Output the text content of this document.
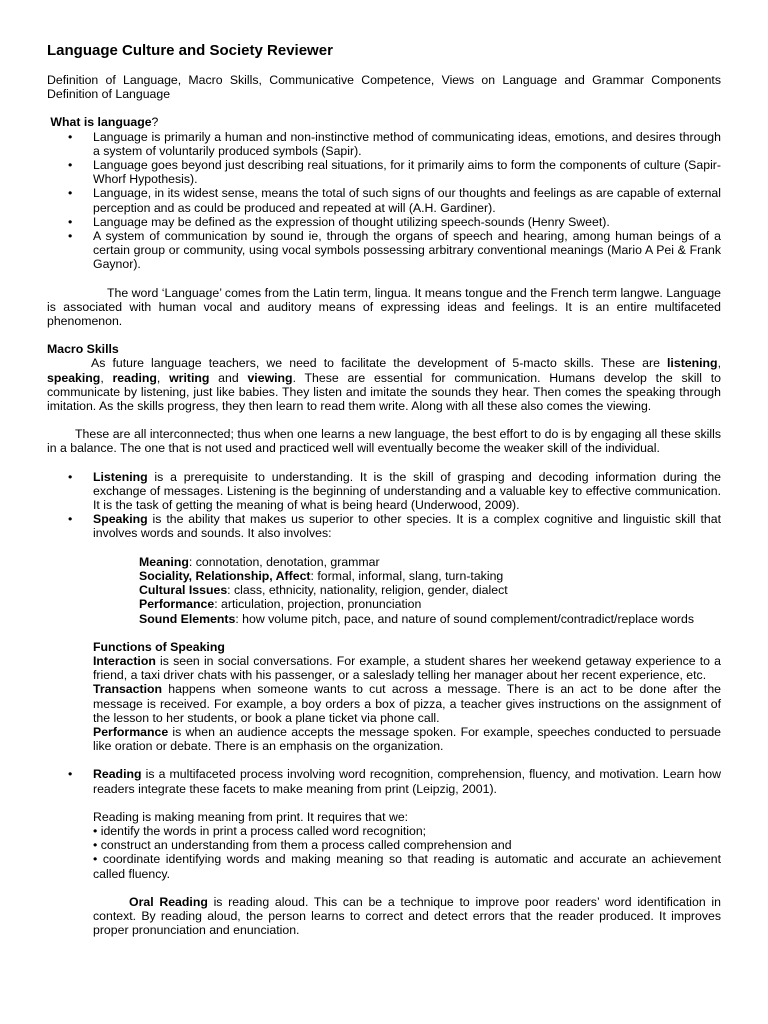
Language Culture and Society Reviewer

Definition of Language, Macro Skills, Communicative Competence, Views on Language and Grammar Components Definition of Language

What is language?

• Language is primarily a human and non-instinctive method of communicating ideas, emotions, and desires through a system of voluntarily produced symbols (Sapir).
• Language goes beyond just describing real situations, for it primarily aims to form the components of culture (Sapir-Whorf Hypothesis).
• Language, in its widest sense, means the total of such signs of our thoughts and feelings as are capable of external perception and as could be produced and repeated at will (A.H. Gardiner).
• Language may be defined as the expression of thought utilizing speech-sounds (Henry Sweet).
• A system of communication by sound ie, through the organs of speech and hearing, among human beings of a certain group or community, using vocal symbols possessing arbitrary conventional meanings (Mario A Pei & Frank Gaynor).

The word ‘Language’ comes from the Latin term, lingua. It means tongue and the French term langwe. Language is associated with human vocal and auditory means of expressing ideas and feelings. It is an entire multifaceted phenomenon.

Macro Skills

As future language teachers, we need to facilitate the development of 5-macto skills. These are listening, speaking, reading, writing and viewing. These are essential for communication. Humans develop the skill to communicate by listening, just like babies. They listen and imitate the sounds they hear. Then comes the speaking through imitation. As the skills progress, they then learn to read them write. Along with all these also comes the viewing.

These are all interconnected; thus when one learns a new language, the best effort to do is by engaging all these skills in a balance. The one that is not used and practiced well will eventually become the weaker skill of the individual.

• Listening is a prerequisite to understanding. It is the skill of grasping and decoding information during the exchange of messages. Listening is the beginning of understanding and a valuable key to effective communication. It is the task of getting the meaning of what is being heard (Underwood, 2009).
• Speaking is the ability that makes us superior to other species. It is a complex cognitive and linguistic skill that involves words and sounds. It also involves:

Meaning: connotation, denotation, grammar

Sociality, Relationship, Affect: formal, informal, slang, turn-taking

Cultural Issues: class, ethnicity, nationality, religion, gender, dialect

Performance: articulation, projection, pronunciation

Sound Elements: how volume pitch, pace, and nature of sound complement/contradict/replace words

Functions of Speaking

Interaction is seen in social conversations. For example, a student shares her weekend getaway experience to a friend, a taxi driver chats with his passenger, or a saleslady telling her manager about her recent experience, etc.

Transaction happens when someone wants to cut across a message. There is an act to be done after the message is received. For example, a boy orders a box of pizza, a teacher gives instructions on the assignment of the lesson to her students, or book a plane ticket via phone call.

Performance is when an audience accepts the message spoken. For example, speeches conducted to persuade like oration or debate. There is an emphasis on the organization.

• Reading is a multifaceted process involving word recognition, comprehension, fluency, and motivation. Learn how readers integrate these facets to make meaning from print (Leipzig, 2001).

Reading is making meaning from print. It requires that we:

• identify the words in print a process called word recognition;

• construct an understanding from them a process called comprehension and

• coordinate identifying words and making meaning so that reading is automatic and accurate an achievement called fluency.

Oral Reading is reading aloud. This can be a technique to improve poor readers’ word identification in context. By reading aloud, the person learns to correct and detect errors that the reader produced. It improves proper pronunciation and enunciation.
